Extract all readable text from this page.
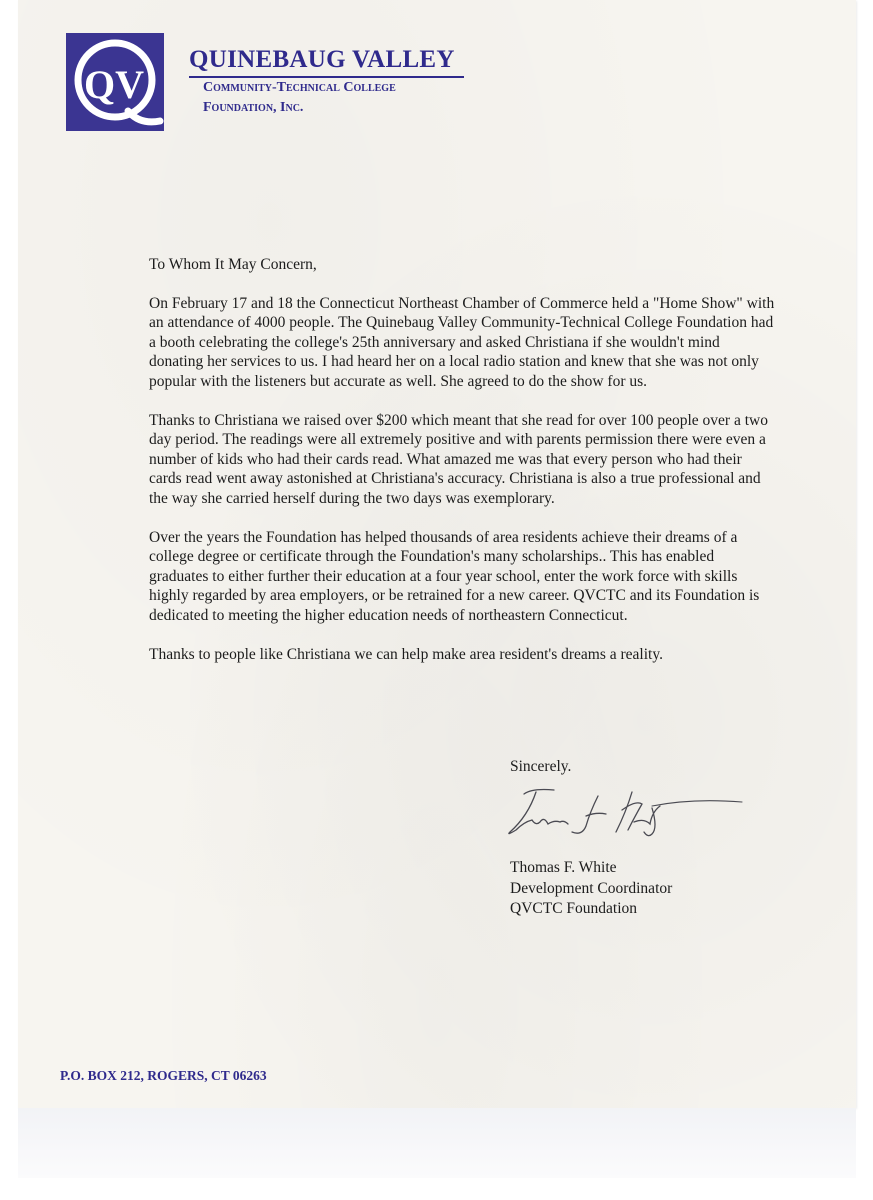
QV
QUINEBAUG VALLEY
Community-Technical College
Foundation, Inc.

To Whom It May Concern,

On February 17 and 18 the Connecticut Northeast Chamber of Commerce held a "Home Show" with an attendance of 4000 people. The Quinebaug Valley Community-Technical College Foundation had a booth celebrating the college's 25th anniversary and asked Christiana if she wouldn't mind donating her services to us. I had heard her on a local radio station and knew that she was not only popular with the listeners but accurate as well. She agreed to do the show for us.

Thanks to Christiana we raised over $200 which meant that she read for over 100 people over a two day period. The readings were all extremely positive and with parents permission there were even a number of kids who had their cards read. What amazed me was that every person who had their cards read went away astonished at Christiana's accuracy. Christiana is also a true professional and the way she carried herself during the two days was exemplorary.

Over the years the Foundation has helped thousands of area residents achieve their dreams of a college degree or certificate through the Foundation's many scholarships.. This has enabled graduates to either further their education at a four year school, enter the work force with skills highly regarded by area employers, or be retrained for a new career. QVCTC and its Foundation is dedicated to meeting the higher education needs of northeastern Connecticut.

Thanks to people like Christiana we can help make area resident's dreams a reality.

Sincerely.
Thomas F. White
Development Coordinator
QVCTC Foundation
P.O. BOX 212, ROGERS, CT 06263
